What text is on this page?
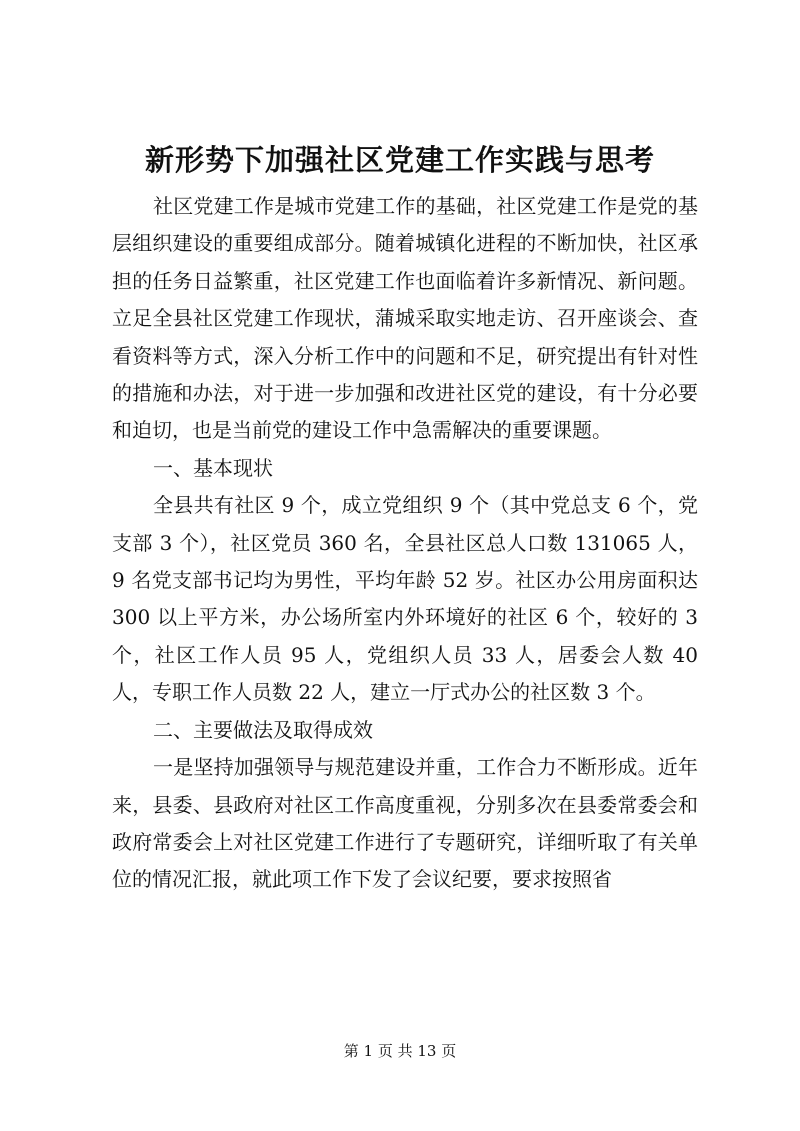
新形势下加强社区党建工作实践与思考

社区党建工作是城市党建工作的基础，社区党建工作是党的基层组织建设的重要组成部分。随着城镇化进程的不断加快，社区承担的任务日益繁重，社区党建工作也面临着许多新情况、新问题。立足全县社区党建工作现状，蒲城采取实地走访、召开座谈会、查看资料等方式，深入分析工作中的问题和不足，研究提出有针对性的措施和办法，对于进一步加强和改进社区党的建设，有十分必要和迫切，也是当前党的建设工作中急需解决的重要课题。

一、基本现状

全县共有社区 9 个，成立党组织 9 个（其中党总支 6 个，党支部 3 个），社区党员 360 名，全县社区总人口数 131065 人，9 名党支部书记均为男性，平均年龄 52 岁。社区办公用房面积达 300 以上平方米，办公场所室内外环境好的社区 6 个，较好的 3 个，社区工作人员 95 人，党组织人员 33 人，居委会人数 40 人，专职工作人员数 22 人，建立一厅式办公的社区数 3 个。

二、主要做法及取得成效

一是坚持加强领导与规范建设并重，工作合力不断形成。近年来，县委、县政府对社区工作高度重视，分别多次在县委常委会和政府常委会上对社区党建工作进行了专题研究，详细听取了有关单位的情况汇报，就此项工作下发了会议纪要，要求按照省

第 1 页 共 13 页
